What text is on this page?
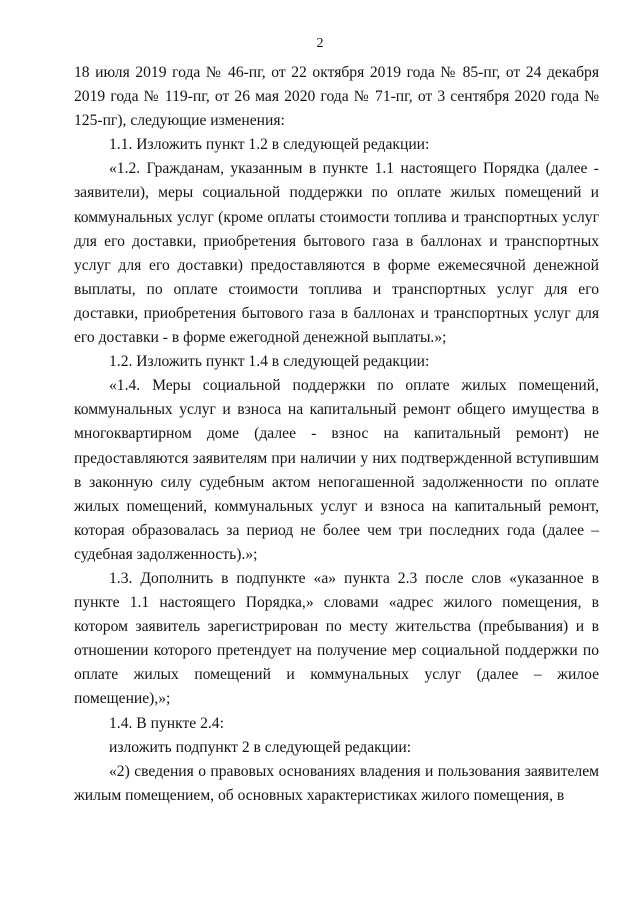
2

18 июля 2019 года № 46-пг, от 22 октября 2019 года № 85-пг, от 24 декабря 2019 года № 119-пг, от 26 мая 2020 года № 71-пг, от 3 сентября 2020 года № 125-пг), следующие изменения:

1.1. Изложить пункт 1.2 в следующей редакции:

«1.2. Гражданам, указанным в пункте 1.1 настоящего Порядка (далее - заявители), меры социальной поддержки по оплате жилых помещений и коммунальных услуг (кроме оплаты стоимости топлива и транспортных услуг для его доставки, приобретения бытового газа в баллонах и транспортных услуг для его доставки) предоставляются в форме ежемесячной денежной выплаты, по оплате стоимости топлива и транспортных услуг для его доставки, приобретения бытового газа в баллонах и транспортных услуг для его доставки - в форме ежегодной денежной выплаты.»;

1.2. Изложить пункт 1.4 в следующей редакции:

«1.4. Меры социальной поддержки по оплате жилых помещений, коммунальных услуг и взноса на капитальный ремонт общего имущества в многоквартирном доме (далее - взнос на капитальный ремонт) не предоставляются заявителям при наличии у них подтвержденной вступившим в законную силу судебным актом непогашенной задолженности по оплате жилых помещений, коммунальных услуг и взноса на капитальный ремонт, которая образовалась за период не более чем три последних года (далее – судебная задолженность).»;

1.3. Дополнить в подпункте «а» пункта 2.3 после слов «указанное в пункте 1.1 настоящего Порядка,» словами «адрес жилого помещения, в котором заявитель зарегистрирован по месту жительства (пребывания) и в отношении которого претендует на получение мер социальной поддержки по оплате жилых помещений и коммунальных услуг (далее – жилое помещение),»;

1.4. В пункте 2.4:

изложить подпункт 2 в следующей редакции:

«2) сведения о правовых основаниях владения и пользования заявителем жилым помещением, об основных характеристиках жилого помещения, в
